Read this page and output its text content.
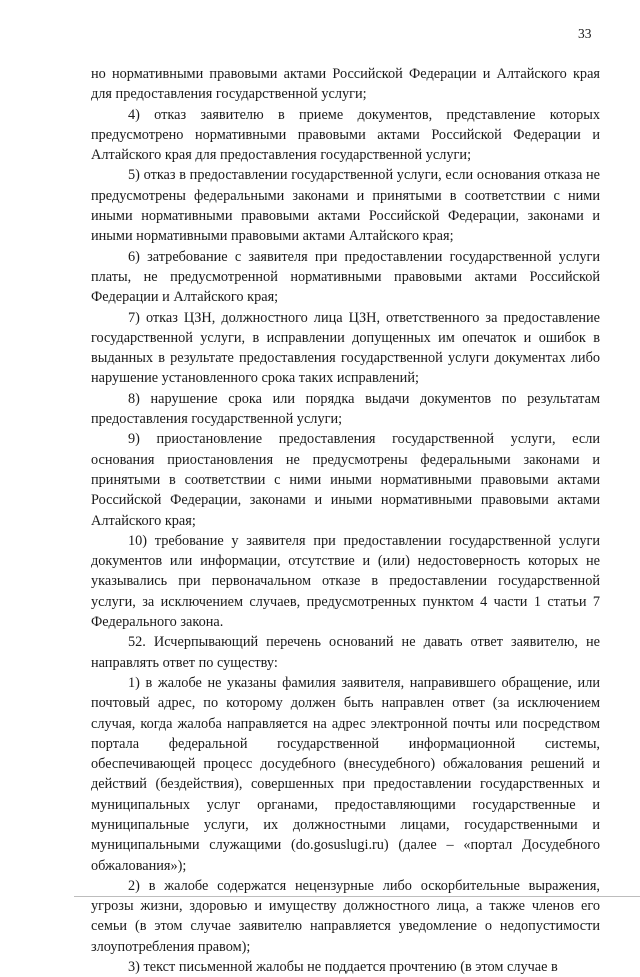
33

но нормативными правовыми актами Российской Федерации и Алтайского края для предоставления государственной услуги;

4) отказ заявителю в приеме документов, представление которых предусмотрено нормативными правовыми актами Российской Федерации и Алтайского края для предоставления государственной услуги;

5) отказ в предоставлении государственной услуги, если основания отказа не предусмотрены федеральными законами и принятыми в соответствии с ними иными нормативными правовыми актами Российской Федерации, законами и иными нормативными правовыми актами Алтайского края;

6) затребование с заявителя при предоставлении государственной услуги платы, не предусмотренной нормативными правовыми актами Российской Федерации и Алтайского края;

7) отказ ЦЗН, должностного лица ЦЗН, ответственного за предоставление государственной услуги, в исправлении допущенных им опечаток и ошибок в выданных в результате предоставления государственной услуги документах либо нарушение установленного срока таких исправлений;

8) нарушение срока или порядка выдачи документов по результатам предоставления государственной услуги;

9) приостановление предоставления государственной услуги, если основания приостановления не предусмотрены федеральными законами и принятыми в соответствии с ними иными нормативными правовыми актами Российской Федерации, законами и иными нормативными правовыми актами Алтайского края;

10) требование у заявителя при предоставлении государственной услуги документов или информации, отсутствие и (или) недостоверность которых не указывались при первоначальном отказе в предоставлении государственной услуги, за исключением случаев, предусмотренных пунктом 4 части 1 статьи 7 Федерального закона.

52. Исчерпывающий перечень оснований не давать ответ заявителю, не направлять ответ по существу:

1) в жалобе не указаны фамилия заявителя, направившего обращение, или почтовый адрес, по которому должен быть направлен ответ (за исключением случая, когда жалоба направляется на адрес электронной почты или посредством портала федеральной государственной информационной системы, обеспечивающей процесс досудебного (внесудебного) обжалования решений и действий (бездействия), совершенных при предоставлении государственных и муниципальных услуг органами, предоставляющими государственные и муниципальные услуги, их должностными лицами, государственными и муниципальными служащими (do.gosuslugi.ru) (далее – «портал Досудебного обжалования»);

2) в жалобе содержатся нецензурные либо оскорбительные выражения, угрозы жизни, здоровью и имуществу должностного лица, а также членов его семьи (в этом случае заявителю направляется уведомление о недопустимости злоупотребления правом);

3) текст письменной жалобы не поддается прочтению (в этом случае в
